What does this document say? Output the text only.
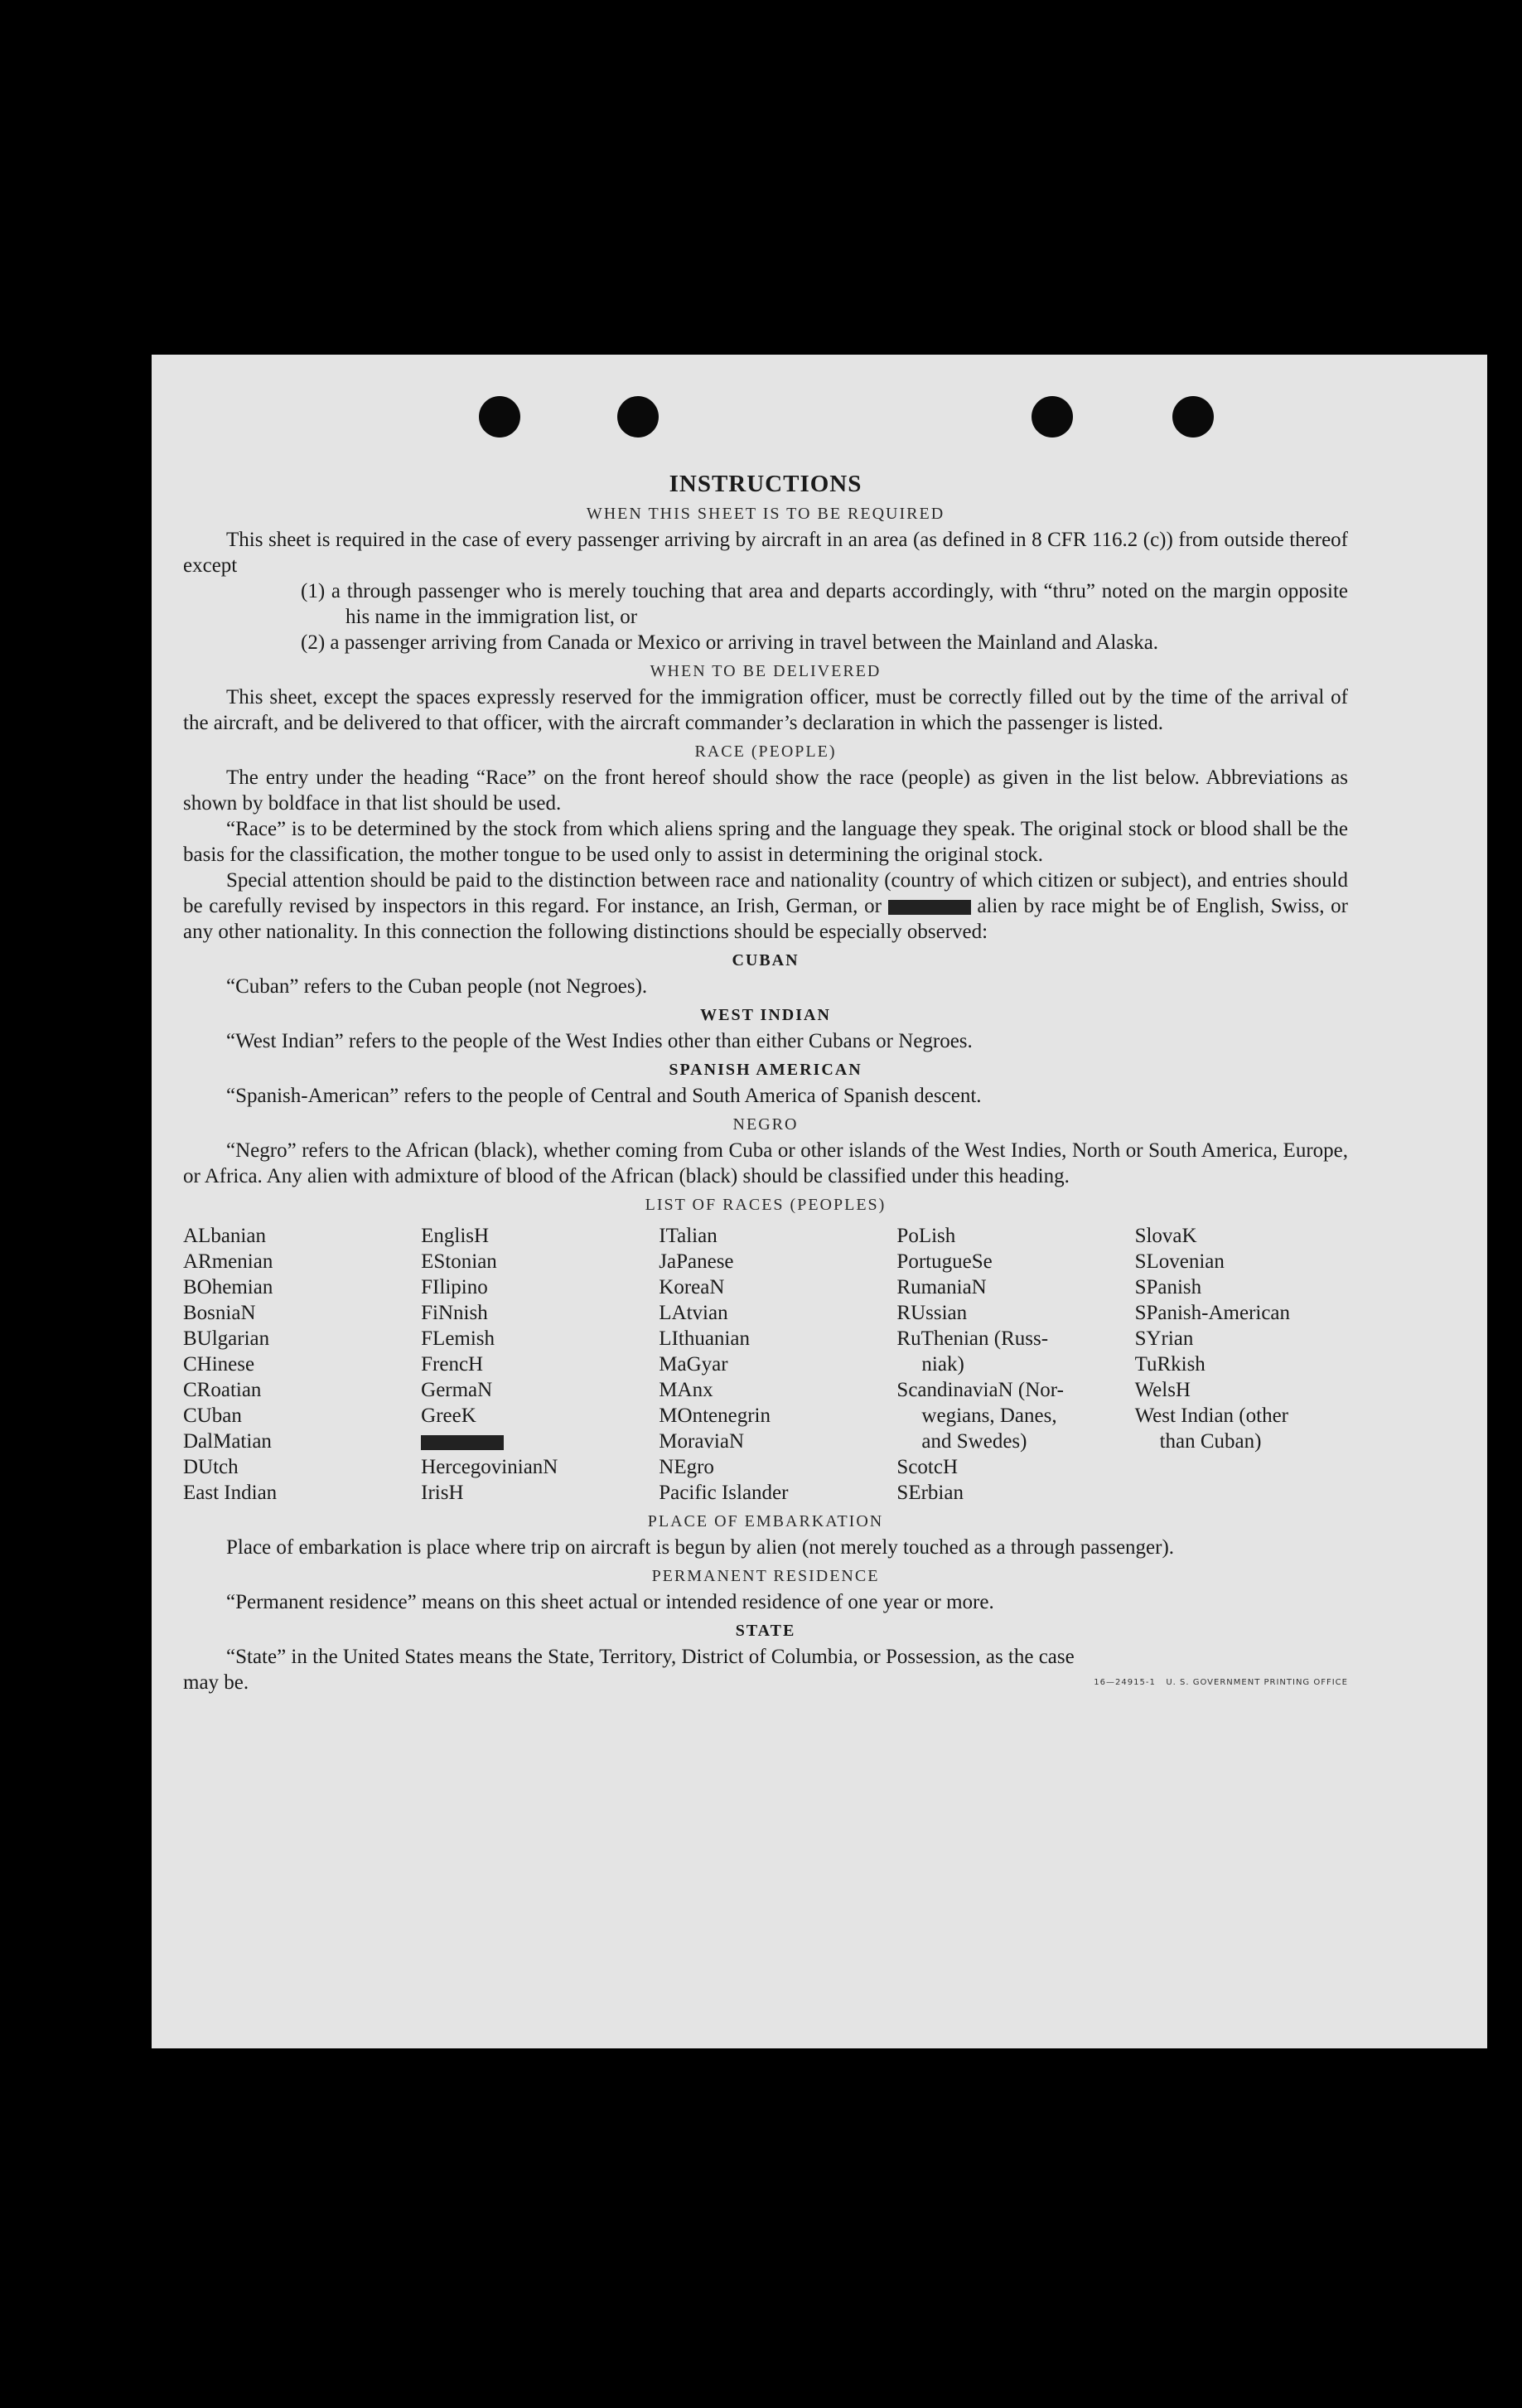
INSTRUCTIONS
WHEN THIS SHEET IS TO BE REQUIRED

This sheet is required in the case of every passenger arriving by aircraft in an area (as defined in 8 CFR 116.2 (c)) from outside thereof except

(1) a through passenger who is merely touching that area and departs accordingly, with “thru” noted on the margin opposite his name in the immigration list, or
(2) a passenger arriving from Canada or Mexico or arriving in travel between the Mainland and Alaska.
WHEN TO BE DELIVERED

This sheet, except the spaces expressly reserved for the immigration officer, must be correctly filled out by the time of the arrival of the aircraft, and be delivered to that officer, with the aircraft commander’s declaration in which the passenger is listed.

RACE (PEOPLE)

The entry under the heading “Race” on the front hereof should show the race (people) as given in the list below. Abbreviations as shown by boldface in that list should be used.

“Race” is to be determined by the stock from which aliens spring and the language they speak. The original stock or blood shall be the basis for the classification, the mother tongue to be used only to assist in determining the original stock.

Special attention should be paid to the distinction between race and nationality (country of which citizen or subject), and entries should be carefully revised by inspectors in this regard. For instance, an Irish, German, or	alien by race might be of English, Swiss, or any other nationality. In this connection the following distinctions should be especially observed:

CUBAN

“Cuban” refers to the Cuban people (not Negroes).

WEST INDIAN

“West Indian” refers to the people of the West Indies other than either Cubans or Negroes.

SPANISH AMERICAN

“Spanish-American” refers to the people of Central and South America of Spanish descent.

NEGRO

“Negro” refers to the African (black), whether coming from Cuba or other islands of the West Indies, North or South America, Europe, or Africa. Any alien with admixture of blood of the African (black) should be classified under this heading.

LIST OF RACES (PEOPLES)
ALbanian
ARmenian
BOhemian
BosniaN
BUlgarian
CHinese
CRoatian
CUban
DalMatian
DUtch
East Indian
EnglisH
EStonian
FIlipino
FiNnish
FLemish
FrencH
GermaN
GreeK
HercegovinianN
IrisH
ITalian
JaPanese
KoreaN
LAtvian
LIthuanian
MaGyar
MAnx
MOntenegrin
MoraviaN
NEgro
Pacific Islander
PoLish
PortugueSe
RumaniaN
RUssian
RuThenian (Russ-
niak)
ScandinaviaN (Nor-
wegians, Danes,
and Swedes)
ScotcH
SErbian
SlovaK
SLovenian
SPanish
SPanish-American
SYrian
TuRkish
WelsH
West Indian (other
than Cuban)
PLACE OF EMBARKATION

Place of embarkation is place where trip on aircraft is begun by alien (not merely touched as a through passenger).

PERMANENT RESIDENCE

“Permanent residence” means on this sheet actual or intended residence of one year or more.

STATE

“State” in the United States means the State, Territory, District of Columbia, or Possession, as the case

may be.	16—24915-1 U. S. GOVERNMENT PRINTING OFFICE
